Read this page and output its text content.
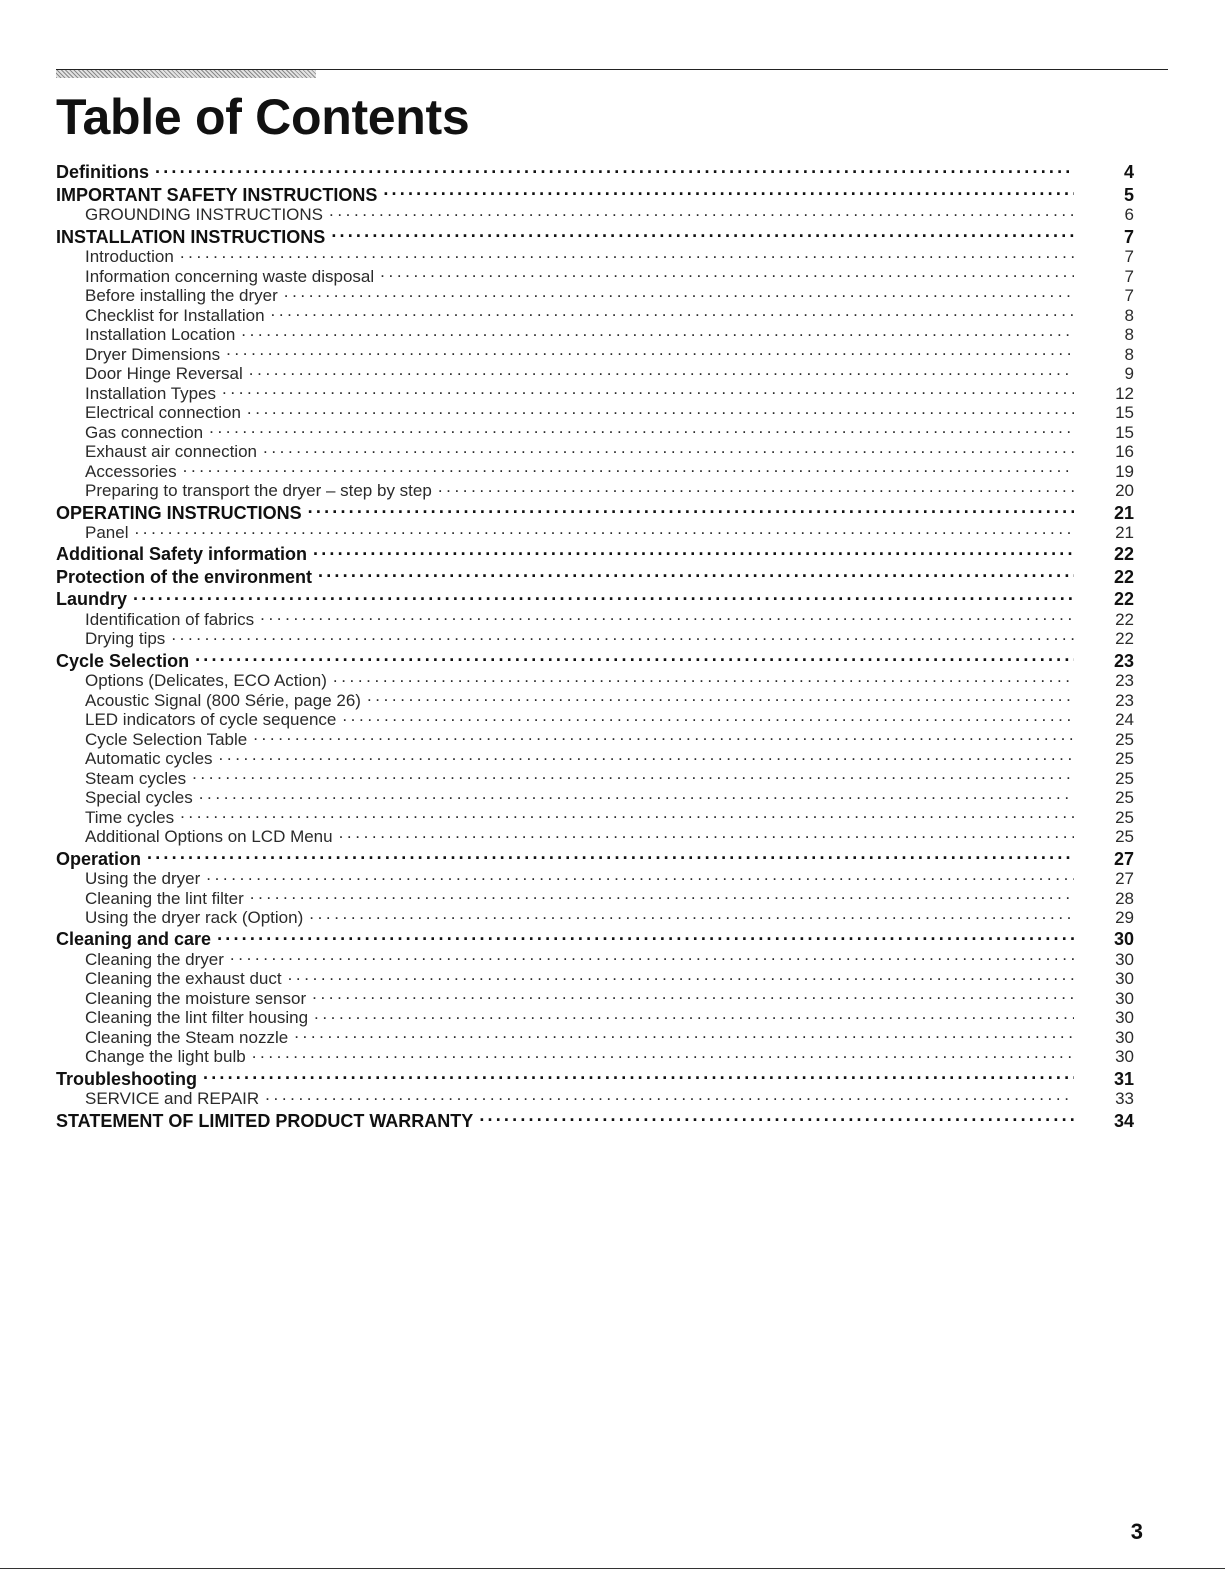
Table of Contents
Definitions .....	4
IMPORTANT SAFETY INSTRUCTIONS .....	5
GROUNDING INSTRUCTIONS .....	6
INSTALLATION INSTRUCTIONS .....	7
Introduction .....	7
Information concerning waste disposal .....	7
Before installing the dryer .....	7
Checklist for Installation .....	8
Installation Location .....	8
Dryer Dimensions .....	8
Door Hinge Reversal .....	9
Installation Types .....	12
Electrical connection .....	15
Gas connection .....	15
Exhaust air connection .....	16
Accessories .....	19
Preparing to transport the dryer – step by step .....	20
OPERATING INSTRUCTIONS .....	21
Panel .....	21
Additional Safety information .....	22
Protection of the environment .....	22
Laundry .....	22
Identification of fabrics .....	22
Drying tips .....	22
Cycle Selection .....	23
Options (Delicates, ECO Action) .....	23
Acoustic Signal (800 Série, page 26) .....	23
LED indicators of cycle sequence .....	24
Cycle Selection Table .....	25
Automatic cycles .....	25
Steam cycles .....	25
Special cycles .....	25
Time cycles .....	25
Additional Options on LCD Menu .....	25
Operation .....	27
Using the dryer .....	27
Cleaning the lint filter .....	28
Using the dryer rack (Option) .....	29
Cleaning and care .....	30
Cleaning the dryer .....	30
Cleaning the exhaust duct .....	30
Cleaning the moisture sensor .....	30
Cleaning the lint filter housing .....	30
Cleaning the Steam nozzle .....	30
Change the light bulb .....	30
Troubleshooting .....	31
SERVICE and REPAIR .....	33
STATEMENT OF LIMITED PRODUCT WARRANTY .....	34
3
